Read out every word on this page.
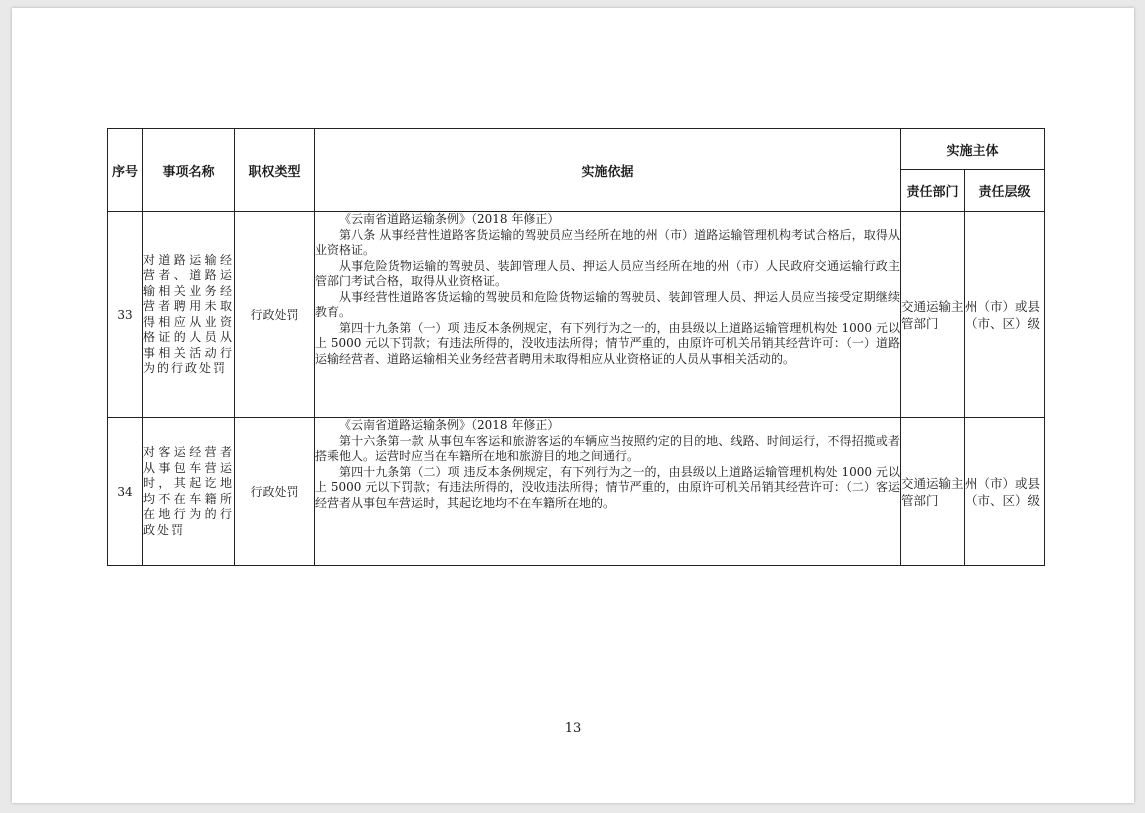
序号	事项名称	职权类型	实施依据	实施主体	
				责任部门	责任层级
33	对道路运输经营者、道路运输相关业务经营者聘用未取得相应从业资格证的人员从事相关活动行为的行政处罚	行政处罚	《云南省道路运输条例》（2018 年修正）

第八条 从事经营性道路客货运输的驾驶员应当经所在地的州（市）道路运输管理机构考试合格后，取得从业资格证。

从事危险货物运输的驾驶员、装卸管理人员、押运人员应当经所在地的州（市）人民政府交通运输行政主管部门考试合格，取得从业资格证。

从事经营性道路客货运输的驾驶员和危险货物运输的驾驶员、装卸管理人员、押运人员应当接受定期继续教育。

第四十九条第（一）项 违反本条例规定，有下列行为之一的，由县级以上道路运输管理机构处 1000 元以上 5000 元以下罚款；有违法所得的，没收违法所得；情节严重的，由原许可机关吊销其经营许可：（一）道路运输经营者、道路运输相关业务经营者聘用未取得相应从业资格证的人员从事相关活动的。	交通运输主管部门	州（市）或县（市、区）级
34	对客运经营者从事包车营运时，其起讫地均不在车籍所在地行为的行政处罚	行政处罚	《云南省道路运输条例》（2018 年修正）

第十六条第一款 从事包车客运和旅游客运的车辆应当按照约定的目的地、线路、时间运行，不得招揽或者搭乘他人。运营时应当在车籍所在地和旅游目的地之间通行。

第四十九条第（二）项 违反本条例规定，有下列行为之一的，由县级以上道路运输管理机构处 1000 元以上 5000 元以下罚款；有违法所得的，没收违法所得；情节严重的，由原许可机关吊销其经营许可：（二）客运经营者从事包车营运时，其起讫地均不在车籍所在地的。	交通运输主管部门	州（市）或县（市、区）级
13
